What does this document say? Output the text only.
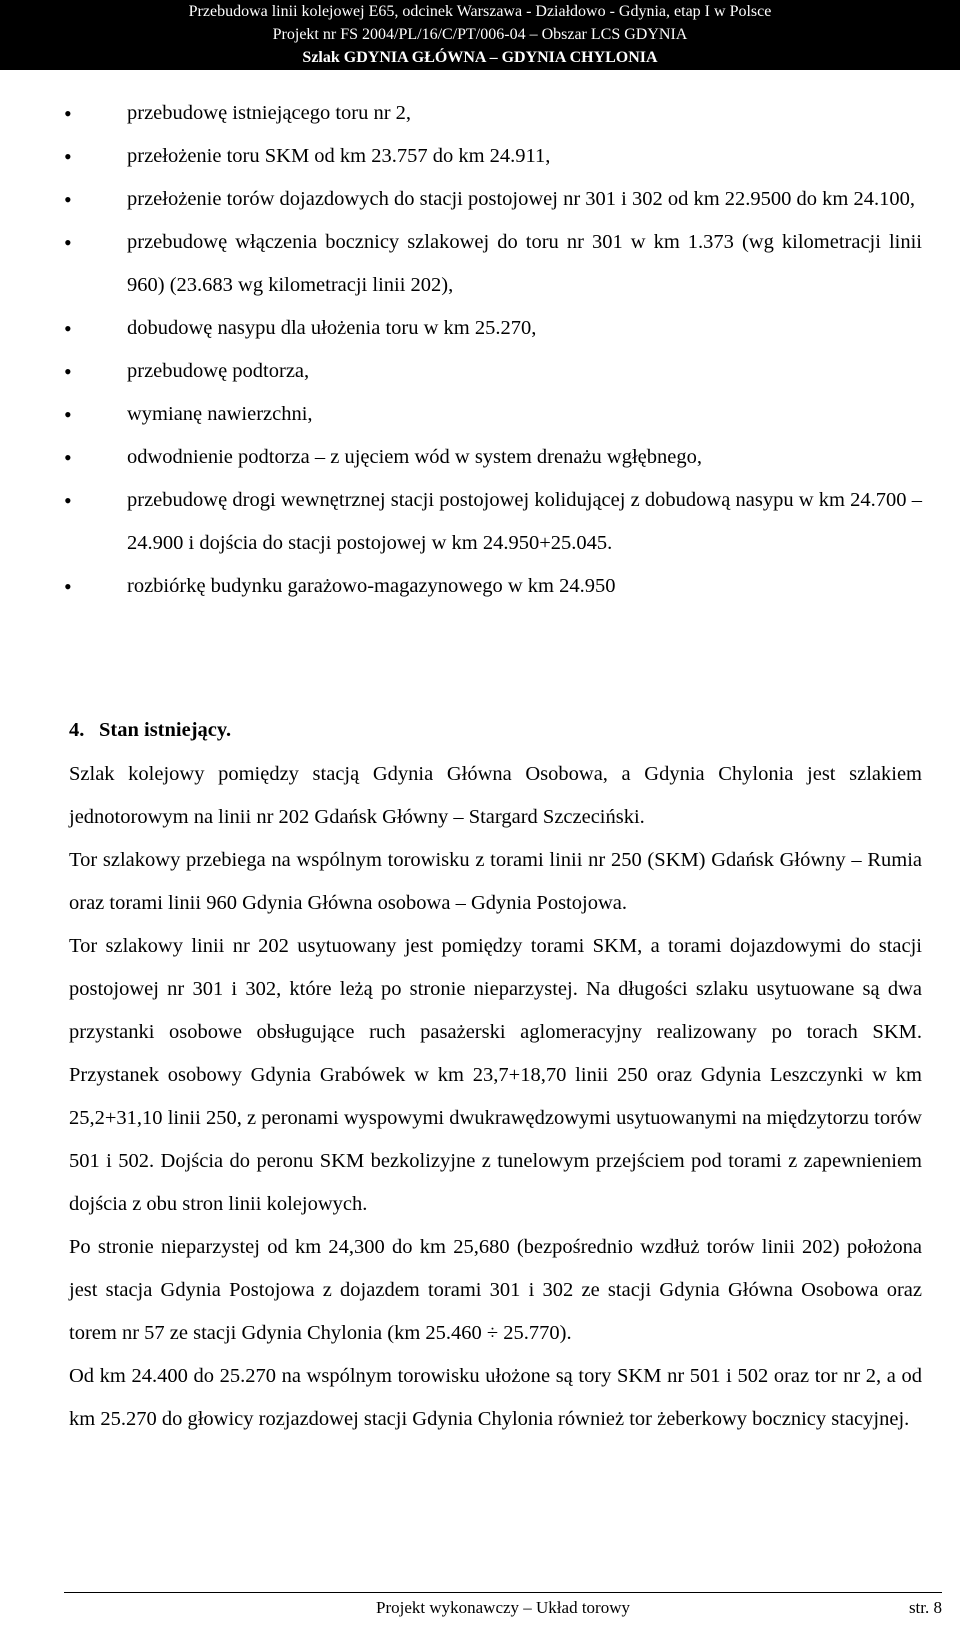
Przebudowa linii kolejowej E65, odcinek Warszawa - Działdowo - Gdynia, etap I w Polsce
Projekt nr FS 2004/PL/16/C/PT/006-04 – Obszar LCS GDYNIA
Szlak GDYNIA GŁÓWNA – GDYNIA CHYLONIA
• przebudowę istniejącego toru nr 2,
• przełożenie toru SKM od km 23.757 do km 24.911,
• przełożenie torów dojazdowych do stacji postojowej nr 301 i 302 od km 22.9500 do km 24.100,
• przebudowę włączenia bocznicy szlakowej do toru nr 301 w km 1.373 (wg kilometracji linii 960) (23.683 wg kilometracji linii 202),
• dobudowę nasypu dla ułożenia toru w km 25.270,
• przebudowę podtorza,
• wymianę nawierzchni,
• odwodnienie podtorza – z ujęciem wód w system drenażu wgłębnego,
• przebudowę drogi wewnętrznej stacji postojowej kolidującej z dobudową nasypu w km 24.700 – 24.900 i dojścia do stacji postojowej w km 24.950+25.045.
• rozbiórkę budynku garażowo-magazynowego w km 24.950
4. Stan istniejący.

Szlak kolejowy pomiędzy stacją Gdynia Główna Osobowa, a Gdynia Chylonia jest szlakiem jednotorowym na linii nr 202 Gdańsk Główny – Stargard Szczeciński.

Tor szlakowy przebiega na wspólnym torowisku z torami linii nr 250 (SKM) Gdańsk Główny – Rumia oraz torami linii 960 Gdynia Główna osobowa – Gdynia Postojowa.

Tor szlakowy linii nr 202 usytuowany jest pomiędzy torami SKM, a torami dojazdowymi do stacji postojowej nr 301 i 302, które leżą po stronie nieparzystej. Na długości szlaku usytuowane są dwa przystanki osobowe obsługujące ruch pasażerski aglomeracyjny realizowany po torach SKM. Przystanek osobowy Gdynia Grabówek w km 23,7+18,70 linii 250 oraz Gdynia Leszczynki w km 25,2+31,10 linii 250, z peronami wyspowymi dwukrawędzowymi usytuowanymi na międzytorzu torów 501 i 502. Dojścia do peronu SKM bezkolizyjne z tunelowym przejściem pod torami z zapewnieniem dojścia z obu stron linii kolejowych.

Po stronie nieparzystej od km 24,300 do km 25,680 (bezpośrednio wzdłuż torów linii 202) położona jest stacja Gdynia Postojowa z dojazdem torami 301 i 302 ze stacji Gdynia Główna Osobowa oraz torem nr 57 ze stacji Gdynia Chylonia (km 25.460 ÷ 25.770).

Od km 24.400 do 25.270 na wspólnym torowisku ułożone są tory SKM nr 501 i 502 oraz tor nr 2, a od km 25.270 do głowicy rozjazdowej stacji Gdynia Chylonia również tor żeberkowy bocznicy stacyjnej.

Projekt wykonawczy – Układ torowy	str. 8
